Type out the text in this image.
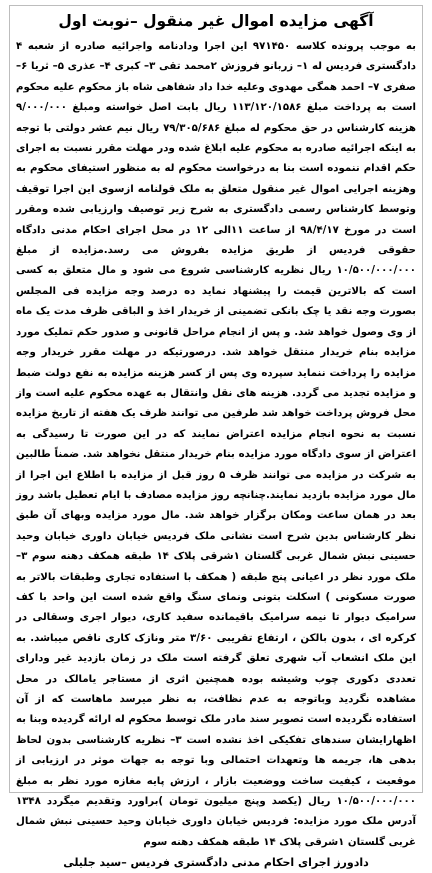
آگهی مزایده اموال غیر منقول –نوبت اول

به موجب پرونده کلاسه ۹۷۱۴۵۰ این اجرا ودادنامه واجرائیه صادره از شعبه ۴ دادگستری فردیس له ۱– زربانو فروزش ۲محمد تقی ۳– کبری ۴– عذری ۵– ثریا ۶– صفری ۷– احمد همگی مهدوی وعلیه خدا داد شفاهی شاه باز محکوم علیه محکوم است به پرداخت مبلغ ۱۱۳/۱۲۰/۱۵۸۶ ریال بابت اصل خواسته ومبلغ ۹/۰۰۰/۰۰۰ هزینه کارشناس در حق محکوم له مبلغ ۷۹/۳۰۵/۶۸۶ ریال نیم عشر دولتی با توجه به اینکه اجرائیه صادره به محکوم علیه ابلاغ شده ودر مهلت مقرر نسبت به اجرای حکم اقدام ننموده است بنا به درخواست محکوم له به منظور استیفای محکوم به وهزینه اجرایی اموال غیر منقول متعلق به ملک قولنامه ازسوی این اجرا توقیف وتوسط کارشناس رسمی دادگستری به شرح زیر توصیف وارزیابی شده ومقرر است در مورخ ۹۸/۴/۱۷ از ساعت ۱۱الی ۱۲ در محل اجرای احکام مدنی دادگاه حقوقی فردیس از طریق مزایده بفروش می رسد.مزایده از مبلغ ۱۰/۵۰۰/۰۰۰/۰۰۰ ریال نظریه کارشناسی شروع می شود و مال متعلق به کسی است که بالاترین قیمت را پیشنهاد نماید ده درصد وجه مزایده فی المجلس بصورت وجه نقد یا چک بانکی تضمینی از خریدار اخذ و الباقی ظرف مدت یک ماه از وی وصول خواهد شد. و پس از انجام مراحل قانونی و صدور حکم تملیک مورد مزایده بنام خریدار منتقل خواهد شد. درصورتیکه در مهلت مقرر خریدار وجه مزایده را پرداخت ننماید سپرده وی پس از کسر هزینه مزایده به نفع دولت ضبط و مزایده تجدید می گردد. هزینه های نقل وانتقال به عهده محکوم علیه است واز محل فروش پرداخت خواهد شد طرفین می توانند ظرف یک هفته از تاریخ مزایده نسبت به نحوه انجام مزایده اعتراض نمایند که در این صورت تا رسیدگی به اعتراض از سوی دادگاه مورد مزایده بنام خریدار منتقل نخواهد شد. ضمناً طالبین به شرکت در مزایده می توانند ظرف ۵ روز قبل از مزایده با اطلاع این اجرا از مال مورد مزایده بازدید نمایند.چنانچه روز مزایده مصادف با ایام تعطیل باشد روز بعد در همان ساعت ومکان برگزار خواهد شد. مال مورد مزایده وبهای آن طبق نظر کارشناس بدین شرح است نشانی ملک فردیس خیابان داوری خیابان وحید حسینی نبش شمال غربی گلستان ۱شرقی پلاک ۱۴ طبقه همکف دهنه سوم ۳– ملک مورد نظر در اعیانی پنج طبقه ( همکف با استفاده تجاری وطبقات بالاتر به صورت مسکونی ) اسکلت بتونی ونمای سنگ واقع شده است این واحد با کف سرامیک دیوار تا نیمه سرامیک باقیمانده سفید کاری، دیوار اجری وسقالی در کرکره ای ، بدون بالکن ، ارتفاع تقریبی ۳/۶۰ متر ونازک کاری ناقص میباشد. به این ملک انشعاب آب شهری تعلق گرفته است ملک در زمان بازدید غیر ودارای تعددی دکوری چوب وشیشه بوده همچنین اثری از مستاجر یامالک در محل مشاهده نگردید وباتوجه به عدم نظافت، به نظر میرسد ماهاست که از آن استفاده نگردیده است تصویر سند مادر ملک توسط محکوم له ارائه گردیده وبنا به اظهارایشان سندهای تفکیکی اخذ نشده است ۳– نظریه کارشناسی بدون لحاظ بدهی ها، جریمه ها وتعهدات احتمالی وبا توجه به جهات موثر در ارزیابی از موقعیت ، کیفیت ساخت ووضعیت بازار ، ارزش پایه مغازه مورد نظر به مبلغ ۱۰/۵۰۰/۰۰۰/۰۰۰ ریال (یکصد وپنج میلیون تومان )براورد وتقدیم میگردد ۱۳۴۸ آدرس ملک مورد مزایده: فردیس خیابان داوری خیابان وحید حسینی نبش شمال غربی گلستان ۱شرقی پلاک ۱۴ طبقه همکف دهنه سوم

دادورز اجرای احکام مدنی دادگستری فردیس –سید جلیلی
